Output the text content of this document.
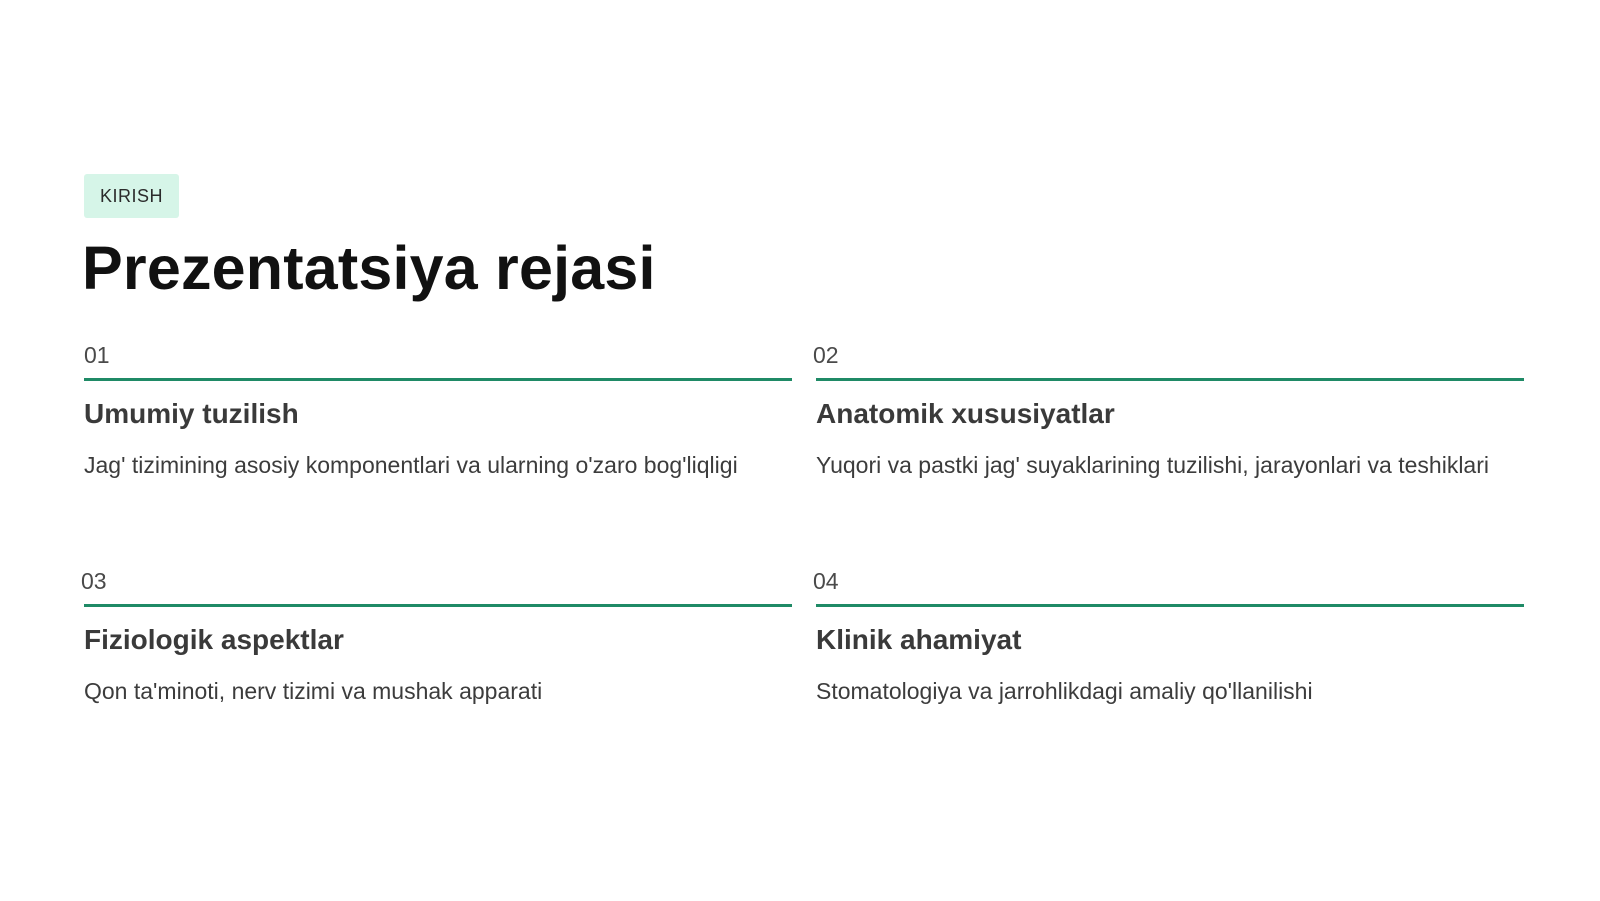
KIRISH
Prezentatsiya rejasi
01
Umumiy tuzilish

Jag' tizimining asosiy komponentlari va ularning o'zaro bog'liqligi

02
Anatomik xususiyatlar

Yuqori va pastki jag' suyaklarining tuzilishi, jarayonlari va teshiklari

03
Fiziologik aspektlar

Qon ta'minoti, nerv tizimi va mushak apparati

04
Klinik ahamiyat

Stomatologiya va jarrohlikdagi amaliy qo'llanilishi
